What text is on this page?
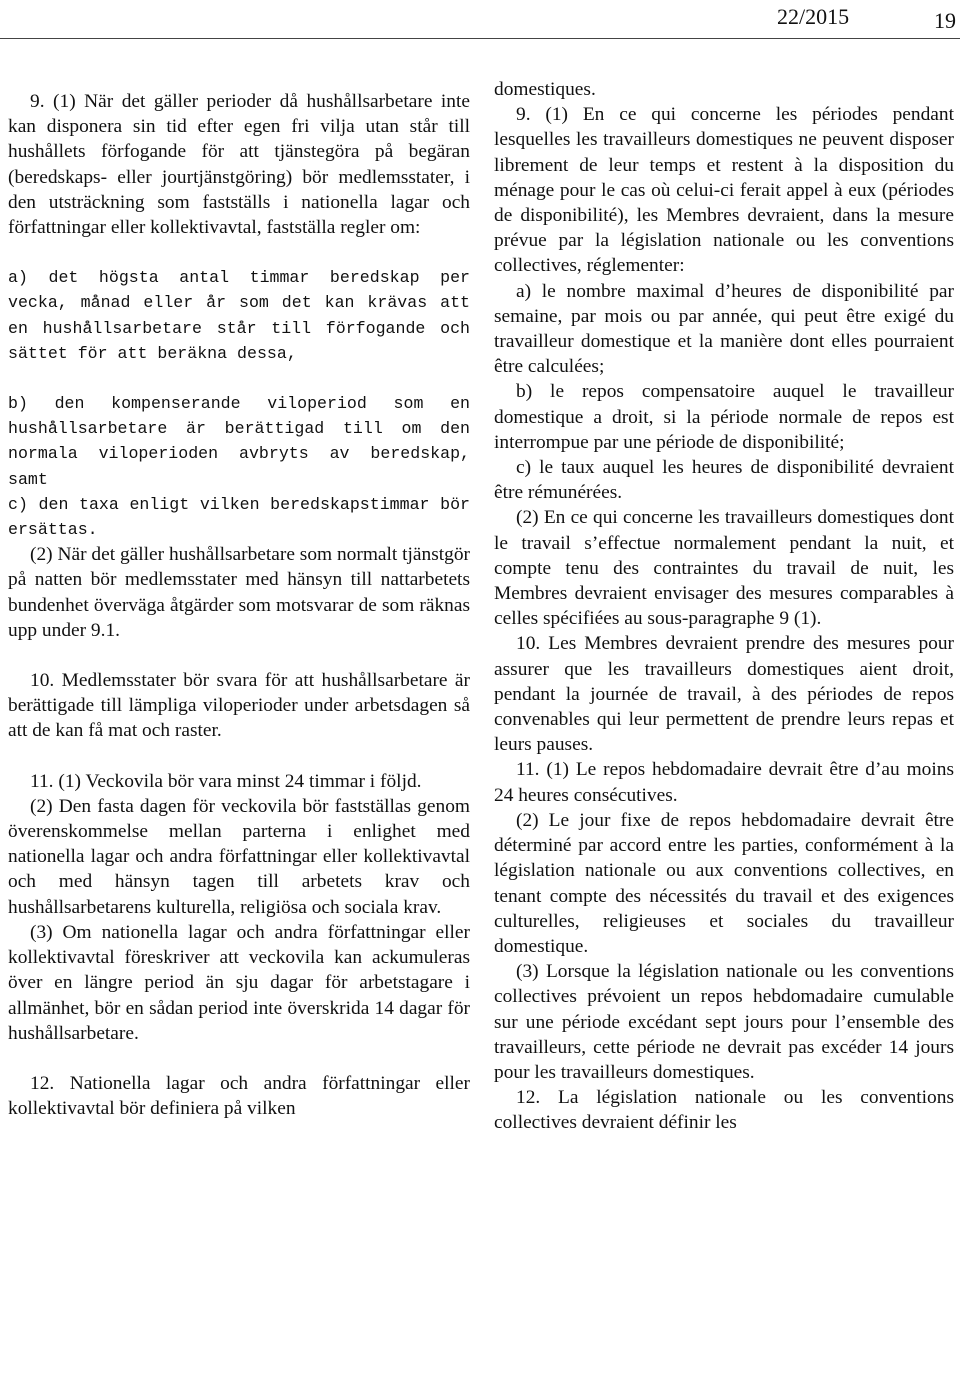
22/2015	19

9. (1) När det gäller perioder då hushållsarbetare inte kan disponera sin tid efter egen fri vilja utan står till hushållets förfogande för att tjänstegöra på begäran (beredskaps- eller jourtjänstgöring) bör medlemsstater, i den utsträckning som fastställs i nationella lagar och författningar eller kollektivavtal, fastställa regler om:

a) det högsta antal timmar beredskap per vecka, månad eller år som det kan krävas att en hushållsarbetare står till förfogande och sättet för att beräkna dessa,

b) den kompenserande viloperiod som en hushållsarbetare är berättigad till om den normala viloperioden avbryts av beredskap, samt

c) den taxa enligt vilken beredskapstimmar bör ersättas.

(2) När det gäller hushållsarbetare som normalt tjänstgör på natten bör medlemsstater med hänsyn till nattarbetets bundenhet överväga åtgärder som motsvarar de som räknas upp under 9.1.

10. Medlemsstater bör svara för att hushållsarbetare är berättigade till lämpliga viloperioder under arbetsdagen så att de kan få mat och raster.

11. (1) Veckovila bör vara minst 24 timmar i följd.

(2) Den fasta dagen för veckovila bör fastställas genom överenskommelse mellan parterna i enlighet med nationella lagar och andra författningar eller kollektivavtal och med hänsyn tagen till arbetets krav och hushållsarbetarens kulturella, religiösa och sociala krav.

(3) Om nationella lagar och andra författningar eller kollektivavtal föreskriver att veckovila kan ackumuleras över en längre period än sju dagar för arbetstagare i allmänhet, bör en sådan period inte överskrida 14 dagar för hushållsarbetare.

12. Nationella lagar och andra författningar eller kollektivavtal bör definiera på vilken

domestiques.

9. (1) En ce qui concerne les périodes pendant lesquelles les travailleurs domestiques ne peuvent disposer librement de leur temps et restent à la disposition du ménage pour le cas où celui-ci ferait appel à eux (périodes de disponibilité), les Membres devraient, dans la mesure prévue par la législation nationale ou les conventions collectives, réglementer:

a) le nombre maximal d’heures de disponibilité par semaine, par mois ou par année, qui peut être exigé du travailleur domestique et la manière dont elles pourraient être calculées;

b) le repos compensatoire auquel le travailleur domestique a droit, si la période normale de repos est interrompue par une période de disponibilité;

c) le taux auquel les heures de disponibilité devraient être rémunérées.

(2) En ce qui concerne les travailleurs domestiques dont le travail s’effectue normalement pendant la nuit, et compte tenu des contraintes du travail de nuit, les Membres devraient envisager des mesures comparables à celles spécifiées au sous-paragraphe 9 (1).

10. Les Membres devraient prendre des mesures pour assurer que les travailleurs domestiques aient droit, pendant la journée de travail, à des périodes de repos convenables qui leur permettent de prendre leurs repas et leurs pauses.

11. (1) Le repos hebdomadaire devrait être d’au moins 24 heures consécutives.

(2) Le jour fixe de repos hebdomadaire devrait être déterminé par accord entre les parties, conformément à la législation nationale ou aux conventions collectives, en tenant compte des nécessités du travail et des exigences culturelles, religieuses et sociales du travailleur domestique.

(3) Lorsque la législation nationale ou les conventions collectives prévoient un repos hebdomadaire cumulable sur une période excédant sept jours pour l’ensemble des travailleurs, cette période ne devrait pas excéder 14 jours pour les travailleurs domestiques.

12. La législation nationale ou les conventions collectives devraient définir les
